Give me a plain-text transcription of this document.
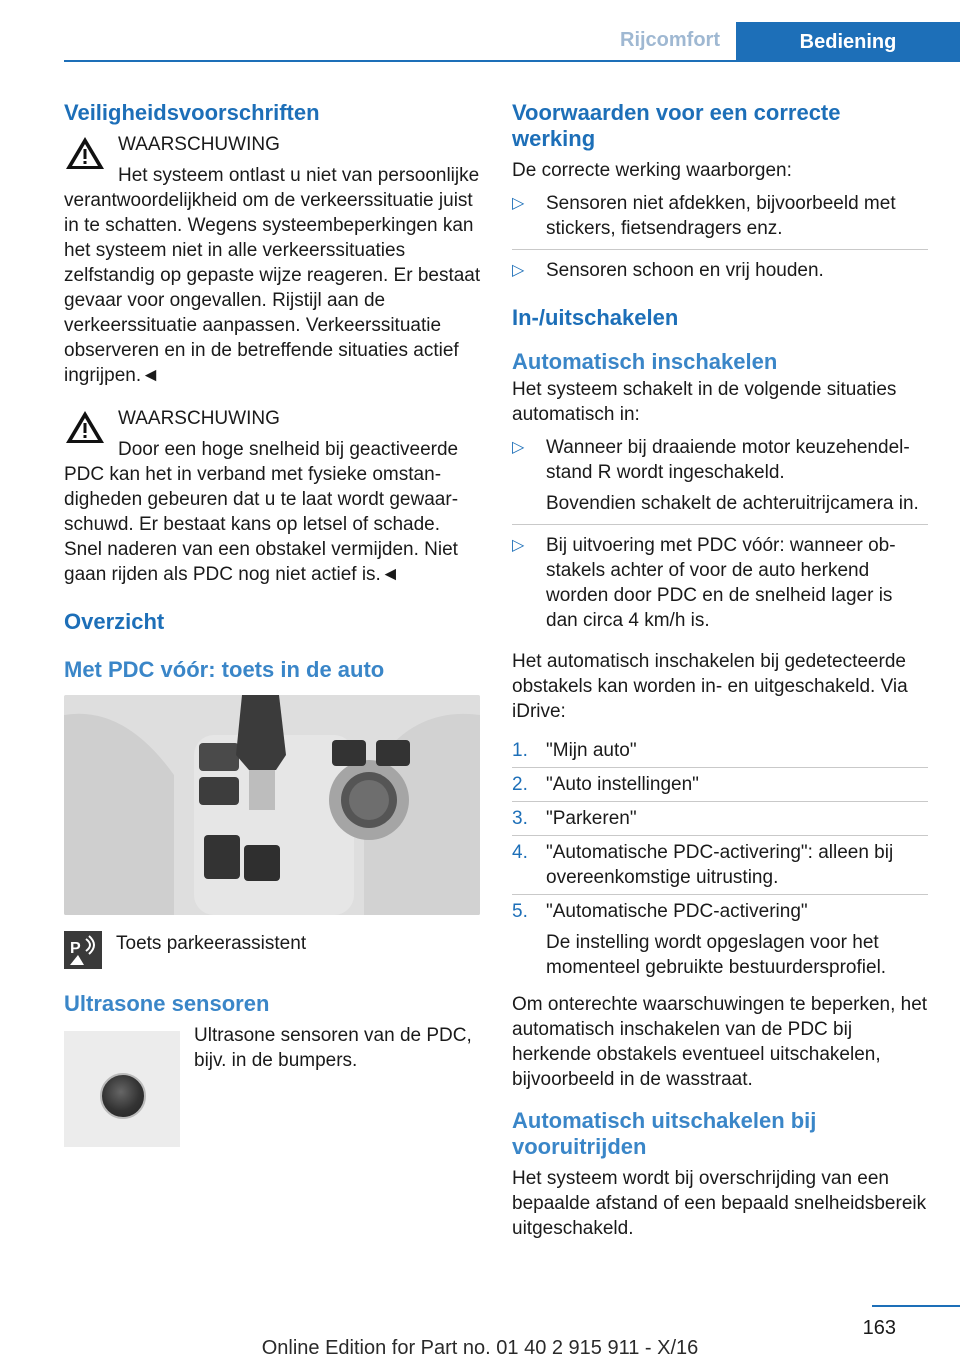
Rijcomfort	Bediening
Veiligheidsvoorschriften
WAARSCHUWING
Het systeem ontlast u niet van persoonlijke verantwoordelijkheid om de verkeerssituatie juist in te schatten. Wegens systeembeperkingen kan het systeem niet in alle verkeerssituaties zelfstandig op gepaste wijze reageren. Er bestaat gevaar voor ongevallen. Rijstijl aan de verkeerssituatie aanpassen. Verkeerssituatie observeren en in de betreffende situaties actief ingrijpen.◄
WAARSCHUWING
Door een hoge snelheid bij geactiveerde PDC kan het in verband met fysieke omstandigheden gebeuren dat u te laat wordt gewaarschuwd. Er bestaat kans op letsel of schade. Snel naderen van een obstakel vermijden. Niet gaan rijden als PDC nog niet actief is.◄
Overzicht
Met PDC vóór: toets in de auto
P Toets parkeerassistent
Ultrasone sensoren
Ultrasone sensoren van de PDC, bijv. in de bumpers.
Voorwaarden voor een correcte werking

De correcte werking waarborgen:

▷ Sensoren niet afdekken, bijvoorbeeld met stickers, fietsendragers enz.
▷ Sensoren schoon en vrij houden.
In-/uitschakelen
Automatisch inschakelen

Het systeem schakelt in de volgende situaties automatisch in:

▷ Wanneer bij draaiende motor keuzehendelstand R wordt ingeschakeld.
Bovendien schakelt de achteruitrijcamera in.
▷ Bij uitvoering met PDC vóór: wanneer obstakels achter of voor de auto herkend worden door PDC en de snelheid lager is dan circa 4 km/h is.

Het automatisch inschakelen bij gedetecteerde obstakels kan worden in- en uitgeschakeld. Via iDrive:

1. "Mijn auto"
2. "Auto instellingen"
3. "Parkeren"
4. "Automatische PDC-activering": alleen bij overeenkomstige uitrusting.
5. "Automatische PDC-activering"
De instelling wordt opgeslagen voor het momenteel gebruikte bestuurdersprofiel.

Om onterechte waarschuwingen te beperken, het automatisch inschakelen van de PDC bij herkende obstakels eventueel uitschakelen, bijvoorbeeld in de wasstraat.

Automatisch uitschakelen bij vooruitrijden

Het systeem wordt bij overschrijding van een bepaalde afstand of een bepaald snelheidsbereik uitgeschakeld.

163
Online Edition for Part no. 01 40 2 915 911 - X/16
